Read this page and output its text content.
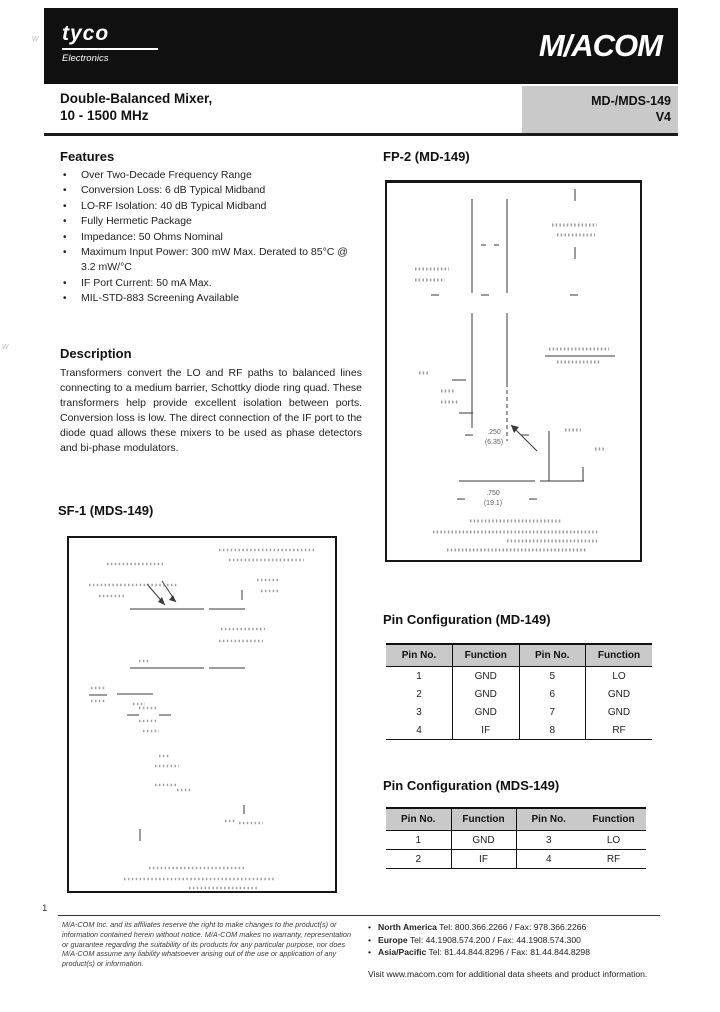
w
w
tyco
Electronics	M/ACOM
Double-Balanced Mixer,
10 - 1500 MHz
MD-/MDS-149
V4
Features
• Over Two-Decade Frequency Range
• Conversion Loss: 6 dB Typical Midband
• LO-RF Isolation: 40 dB Typical Midband
• Fully Hermetic Package
• Impedance: 50 Ohms Nominal
• Maximum Input Power: 300 mW Max. Derated to 85°C @ 3.2 mW/°C
• IF Port Current: 50 mA Max.
• MIL-STD-883 Screening Available
Description
Transformers convert the LO and RF paths to balanced lines connecting to a medium barrier, Schottky diode ring quad. These transformers help provide excellent isolation between ports. Conversion loss is low. The direct connection of the IF port to the diode quad allows these mixers to be used as phase detectors and bi-phase modulators.
FP-2 (MD-149)
.250
(6.35)
.750
(19.1)
SF-1 (MDS-149)
Pin Configuration (MD-149)
Pin No.	Function	Pin No.	Function
1	GND	5	LO
2	GND	6	GND
3	GND	7	GND
4	IF	8	RF
Pin Configuration (MDS-149)
Pin No.	Function	Pin No.	Function
1	GND	3	LO
2	IF	4	RF
1
M/A-COM Inc. and its affiliates reserve the right to make changes to the product(s) or information contained herein without notice. M/A-COM makes no warranty, representation or guarantee regarding the suitability of its products for any particular purpose, nor does M/A-COM assume any liability whatsoever arising out of the use or application of any product(s) or information.
• North America Tel: 800.366.2266 / Fax: 978.366.2266
• Europe Tel: 44.1908.574.200 / Fax: 44.1908.574.300
• Asia/Pacific Tel: 81.44.844.8296 / Fax: 81.44.844.8298
Visit www.macom.com for additional data sheets and product information.
